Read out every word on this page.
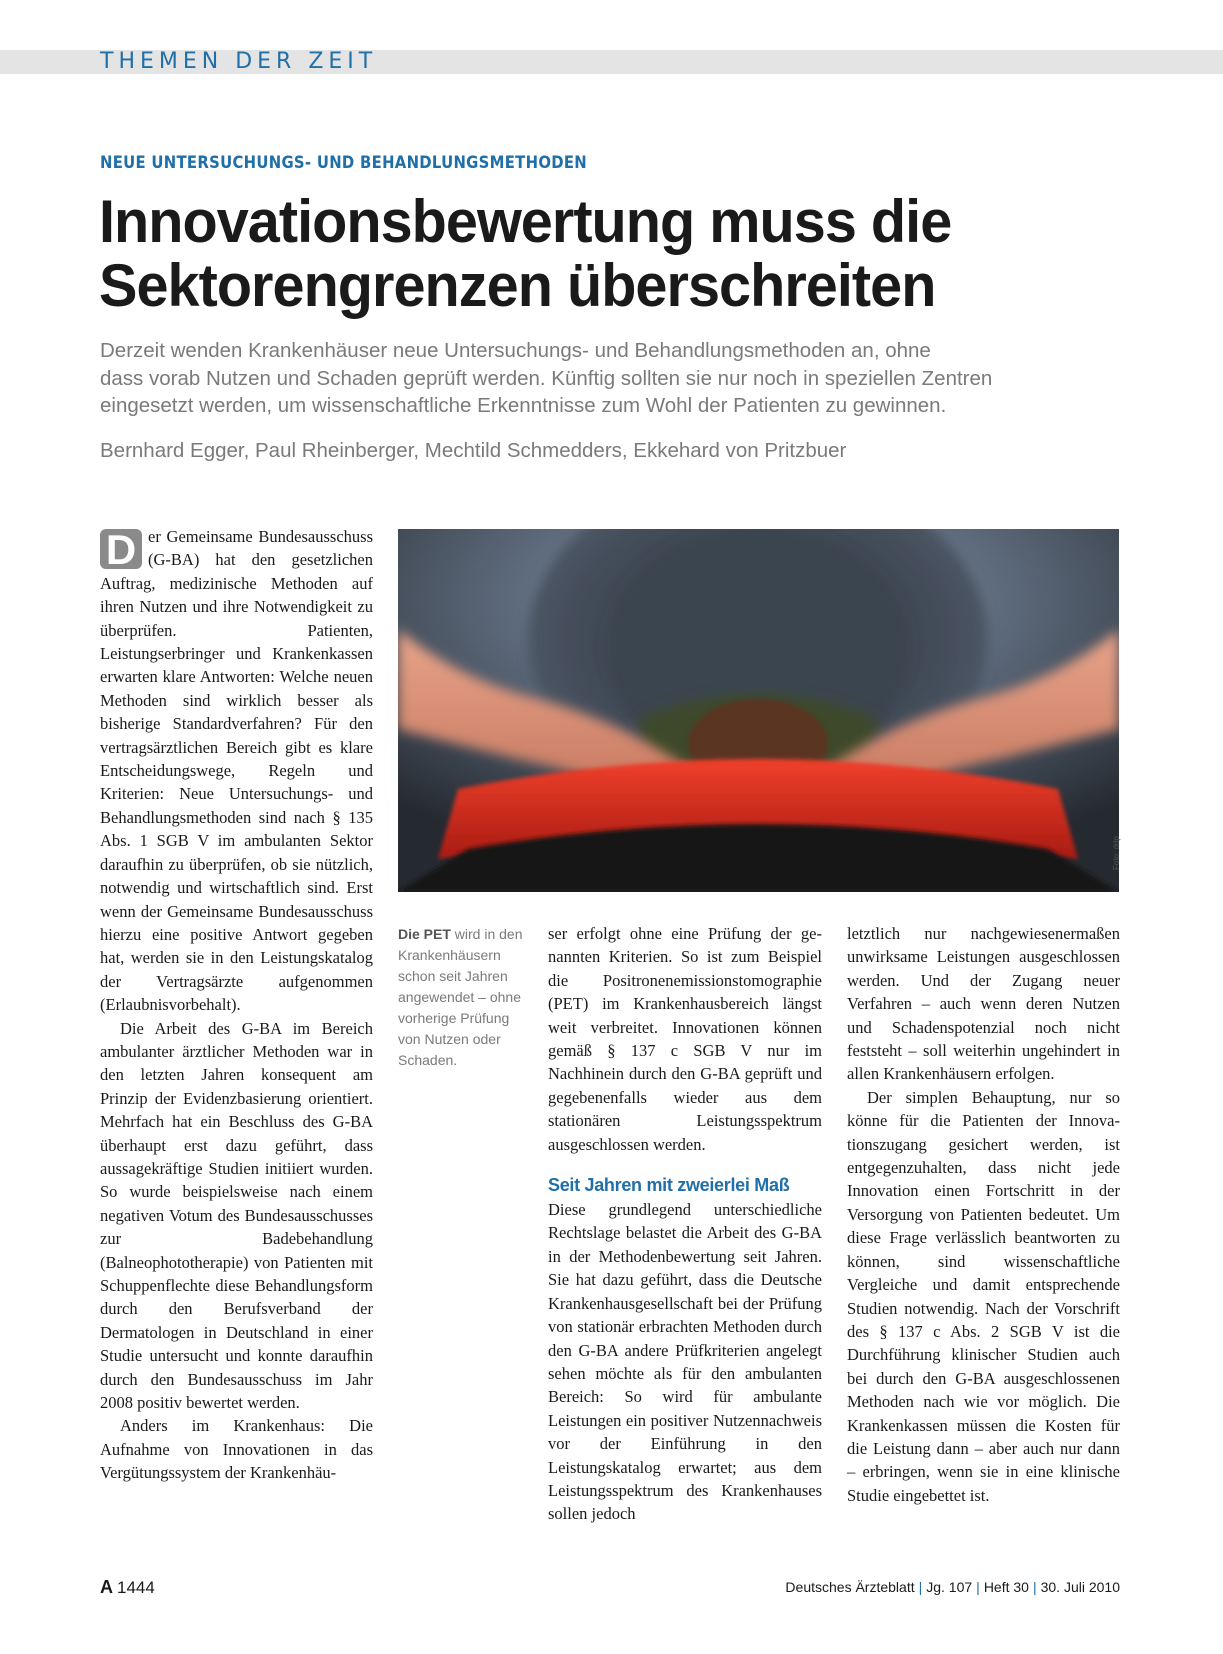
THEMEN DER ZEIT
NEUE UNTERSUCHUNGS- UND BEHANDLUNGSMETHODEN
Innovationsbewertung muss die
Sektorengrenzen überschreiten
Derzeit wenden Krankenhäuser neue Untersuchungs- und Behandlungsmethoden an, ohne
dass vorab Nutzen und Schaden geprüft werden. Künftig sollten sie nur noch in speziellen Zentren
eingesetzt werden, um wissenschaftliche Erkenntnisse zum Wohl der Patienten zu gewinnen.
Bernhard Egger, Paul Rheinberger, Mechtild Schmedders, Ekkehard von Pritzbuer

D er Gemeinsame Bundesausschuss (G-BA) hat den gesetzlichen Auftrag, medizinische Methoden auf ihren Nutzen und ihre Notwendigkeit zu überprüfen. Patienten, Leistungserbringer und Krankenkassen erwarten klare Antworten: Welche neuen Methoden sind wirklich besser als bisherige Standardverfahren? Für den vertragsärztlichen Bereich gibt es klare Entscheidungswege, Regeln und Kriterien: Neue Untersuchungs- und Behandlungsmethoden sind nach § 135 Abs. 1 SGB V im ambulanten Sektor daraufhin zu überprüfen, ob sie nützlich, notwendig und wirtschaftlich sind. Erst wenn der Gemeinsame Bundesausschuss hierzu eine positive Antwort gegeben hat, werden sie in den Leistungskatalog der Vertragsärzte aufgenommen (Erlaubnisvorbehalt).

Die Arbeit des G-BA im Bereich ambulanter ärztlicher Methoden war in den letzten Jahren konsequent am Prinzip der Evidenzbasierung orientiert. Mehrfach hat ein Beschluss des G-BA überhaupt erst dazu geführt, dass aussagekräftige Studien initiiert wurden. So wurde beispielsweise nach einem negativen Votum des Bundesausschusses zur Badebehandlung (Balneophototherapie) von Patienten mit Schuppenflechte diese Behandlungsform durch den Berufsverband der Dermatologen in Deutschland in einer Studie untersucht und konnte daraufhin durch den Bundesausschuss im Jahr 2008 positiv bewertet werden.

Anders im Krankenhaus: Die Aufnahme von Innovationen in das Vergütungssystem der Krankenhäu-

Foto: ddp
Die PET wird in den Krankenhäusern schon seit Jahren angewendet – ohne vorherige Prüfung von Nutzen oder Schaden.

ser erfolgt ohne eine Prüfung der genannten Kriterien. So ist zum Beispiel die Positronenemissionstomographie (PET) im Krankenhausbereich längst weit verbreitet. Innovationen können gemäß § 137 c SGB V nur im Nachhinein durch den G-BA geprüft und gegebenenfalls wieder aus dem stationären Leistungsspektrum ausgeschlossen werden.

Seit Jahren mit zweierlei Maß

Diese grundlegend unterschiedliche Rechtslage belastet die Arbeit des G-BA in der Methodenbewertung seit Jahren. Sie hat dazu geführt, dass die Deutsche Krankenhausgesellschaft bei der Prüfung von stationär erbrachten Methoden durch den G-BA andere Prüfkriterien angelegt sehen möchte als für den ambulanten Bereich: So wird für ambulante Leistungen ein positiver Nutzennachweis vor der Einführung in den Leistungskatalog erwartet; aus dem Leistungsspektrum des Krankenhauses sollen jedoch

letztlich nur nachgewiesenermaßen unwirksame Leistungen ausgeschlossen werden. Und der Zugang neuer Verfahren – auch wenn deren Nutzen und Schadenspotenzial noch nicht feststeht – soll weiterhin ungehindert in allen Krankenhäusern erfolgen.

Der simplen Behauptung, nur so könne für die Patienten der Innovationszugang gesichert werden, ist entgegenzuhalten, dass nicht jede Innovation einen Fortschritt in der Versorgung von Patienten bedeutet. Um diese Frage verlässlich beantworten zu können, sind wissenschaftliche Vergleiche und damit entsprechende Studien notwendig. Nach der Vorschrift des § 137 c Abs. 2 SGB V ist die Durchführung klinischer Studien auch bei durch den G-BA ausgeschlossenen Methoden nach wie vor möglich. Die Krankenkassen müssen die Kosten für die Leistung dann – aber auch nur dann – erbringen, wenn sie in eine klinische Studie eingebettet ist.

A 1444	Deutsches Ärzteblatt | Jg. 107 | Heft 30 | 30. Juli 2010
